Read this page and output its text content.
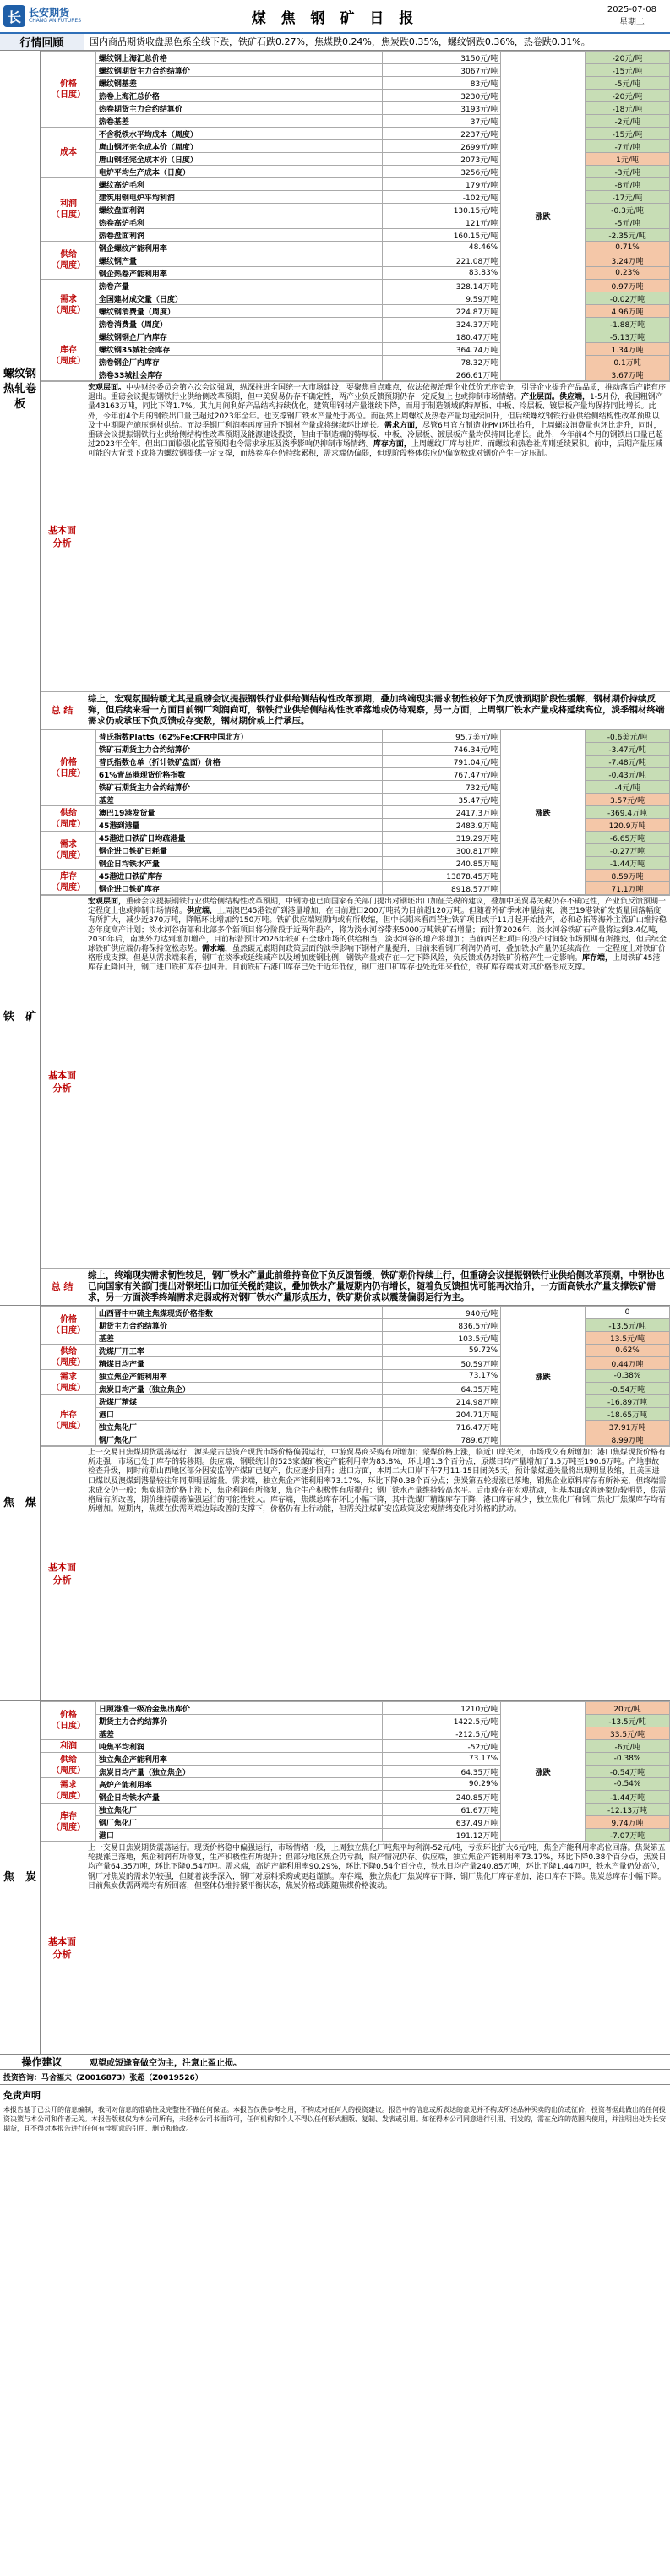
长 长安期货
CHANG AN FUTURES	煤 焦 钢 矿 日 报	2025-07-08
星期二
行情回顾	国内商品期货收盘黑色系全线下跌，铁矿石跌0.27%，焦煤跌0.24%，焦炭跌0.35%，螺纹钢跌0.36%，热卷跌0.31%。
螺纹钢
热轧卷板
价格
（日度）	螺纹钢上海汇总价格	3150元/吨	涨跌	-20元/吨
	螺纹钢期货主力合约结算价	3067元/吨		-15元/吨
	螺纹钢基差	83元/吨		-5元/吨
	热卷上海汇总价格	3230元/吨		-20元/吨
	热卷期货主力合约结算价	3193元/吨		-18元/吨
	热卷基差	37元/吨		-2元/吨
成本	不含税铁水平均成本（周度）	2237元/吨		-15元/吨
	唐山钢坯完全成本价（周度）	2699元/吨		-7元/吨
	唐山钢坯完全成本价（日度）	2073元/吨		1元/吨
	电炉平均生产成本（日度）	3256元/吨		-3元/吨
利润
（日度）	螺纹高炉毛利	179元/吨		-8元/吨
	建筑用钢电炉平均利润	-102元/吨		-17元/吨
	螺纹盘面利润	130.15元/吨		-0.3元/吨
	热卷高炉毛利	121元/吨		-5元/吨
	热卷盘面利润	160.15元/吨		-2.35元/吨
供给
（周度）	钢企螺纹产能利用率	48.46%		0.71%
	螺纹钢产量	221.08万吨		3.24万吨
	钢企热卷产能利用率	83.83%		0.23%
需求
（周度）	热卷产量	328.14万吨		0.97万吨
	全国建材成交量（日度）	9.59万吨		-0.02万吨
	螺纹钢消费量（周度）	224.87万吨		4.96万吨
	热卷消费量（周度）	324.37万吨		-1.88万吨
库存
（周度）	螺纹钢钢企厂内库存	180.47万吨		-5.13万吨
	螺纹钢35城社会库存	364.74万吨		1.34万吨
	热卷钢企厂内库存	78.32万吨		0.1万吨
	热卷33城社会库存	266.61万吨		3.67万吨
基本面
分析
宏观层面。中央财经委员会第六次会议强调，纵深推进全国统一大市场建设，要聚焦重点难点，依法依规治理企业低价无序竞争，引导企业提升产品品质，推动落后产能有序退出。重磅会议提振钢铁行业供给侧改革预期，但中美贸易仍存不确定性，两产业负反馈预期仍存一定反复上也或抑制市场情绪。产业层面。供应端，1-5月份，我国粗钢产量43163万吨，同比下降1.7%。其九月间利好产品结构持续优化，建筑用钢材产量继续下降，而用于制造领域的特厚板、中板、冷层板、镀层板产量均保持同比增长。此外，今年前4个月的钢铁出口量已超过2023年全年。也支撑钢厂铁水产量处于高位。而虽然上周螺纹及热卷产量均延续回升，但后续螺纹钢铁行业供给侧结构性改革预期以及十中期限产施压钢材供给。而淡季钢厂利润率再度回升下钢材产量或将继续环比增长。需求方面，尽管6月官方制造业PMI环比抬升，上周螺纹消费量也环比走升，同时，重磅会议提振钢铁行业供给侧结构性改革预期及能源建设投资，但由于制造端的特厚板、中板、冷层板、镀层板产量均保持同比增长。此外，今年前4个月的钢铁出口量已超过2023年全年。但出口面临强化监管预期也令需求承压及淡季影响仍抑制市场情绪。库存方面，上周螺纹厂库与社库、而螺纹和热卷社库则延续累积。前中，后期产量压减可能的大背景下或将为螺纹钢提供一定支撑，而热卷库存仍持续累积，需求端仍偏弱，但现阶段整体供应仍偏宽松或对钢价产生一定压制。
总 结
综上，宏观氛围转暖尤其是重磅会议提振钢铁行业供给侧结构性改革预期，叠加终端现实需求韧性较好下负反馈预期阶段性缓解，钢材期价持续反弹，但后续来看一方面目前钢厂利润尚可，钢铁行业供给侧结构性改革落地或仍待观察，另一方面，上周钢厂铁水产量或将延续高位，淡季钢材终端需求仍或承压下负反馈或存变数，钢材期价或上行承压。
铁　矿
价格
（日度）	普氏指数Platts（62%Fe:CFR中国北方）	95.7美元/吨	涨跌	-0.6美元/吨
	铁矿石期货主力合约结算价	746.34元/吨		-3.47元/吨
	普氏指数仓单（折计铁矿盘面）价格	791.04元/吨		-7.48元/吨
	61%青岛港现货价格指数	767.47元/吨		-0.43元/吨
	铁矿石期货主力合约结算价	732元/吨		-4元/吨
	基差	35.47元/吨		3.57元/吨
供给
（周度）	澳巴19港发货量	2417.3万吨		-369.4万吨
	45港到港量	2483.9万吨		120.9万吨
需求
（周度）	45港进口铁矿日均疏港量	319.29万吨		-6.65万吨
	钢企进口铁矿日耗量	300.81万吨		-0.27万吨
	钢企日均铁水产量	240.85万吨		-1.44万吨
库存
（周度）	45港进口铁矿库存	13878.45万吨		8.59万吨
	钢企进口铁矿库存	8918.57万吨		71.1万吨
基本面
分析
宏观层面，重磅会议提振钢铁行业供给侧结构性改革预期，中钢协也已向国家有关部门提出对钢坯出口加征关税的建议，叠加中美贸易关税仍存不确定性，产业负反馈预期一定程度上也或抑制市场情绪。供应端，上周澳巴45港铁矿到港量增加，在目前进口200万吨转为目前超120万吨。但随着外矿季末冲量结束，澳巴19港铁矿发货量回落幅度有所扩大，减少近370万吨，降幅环比增加约150万吨。铁矿供应端短期内或有所收缩，但中长期来看西芒杜铁矿项目或于11月起开始投产，必和必拓等海外主流矿山维持稳态年度高产计划；淡水河谷南部和北部多个新项目将分阶段于近两年投产，将为淡水河谷带来5000万吨铁矿石增量；而计算2026年，淡水河谷铁矿石产量将达到3.4亿吨，2030年后，南澳外力达到增加增产，目前标普预计2026年铁矿石全球市场的供给相当，淡水河谷的增产将增加；当前西芒杜项目的投产时间较市场预期有所推迟，但后续全球铁矿供应端仍将保持宽松态势。需求端，虽然碳元素期间政策层面的淡季影响下钢材产量提升，目前来看钢厂利润仍尚可，叠加铁水产量仍延续高位，一定程度上对铁矿价格形成支撑。但是从需求端来看，钢厂在淡季或延续减产以及增加废钢比例，钢铁产量或存在一定下降风险，负反馈或仍对铁矿价格产生一定影响。库存端，上周铁矿45港库存止降回升，钢厂进口铁矿库存也回升。目前铁矿石港口库存已处于近年低位，钢厂进口矿库存也处近年来低位，铁矿库存端或对其价格形成支撑。
总 结
综上，终端现实需求韧性较足，钢厂铁水产量此前维持高位下负反馈暂缓，铁矿期价持续上行，但重磅会议提振钢铁行业供给侧改革预期，中钢协也已向国家有关部门提出对钢坯出口加征关税的建议，叠加铁水产量短期内仍有增长，随着负反馈担忧可能再次抬升，一方面高铁水产量支撑铁矿需求，另一方面淡季终端需求走弱或将对钢厂铁水产量形成压力，铁矿期价或以震荡偏弱运行为主。
焦　煤
价格
（日度）	山西晋中中硫主焦煤现货价格指数	940元/吨	涨跌	0
	期货主力合约结算价	836.5元/吨		-13.5元/吨
	基差	103.5元/吨		13.5元/吨
供给
（周度）	洗煤厂开工率	59.72%		0.62%
	精煤日均产量	50.59万吨		0.44万吨
需求
（周度）	独立焦企产能利用率	73.17%		-0.38%
	焦炭日均产量（独立焦企）	64.35万吨		-0.54万吨
库存
（周度）	洗煤厂精煤	214.98万吨		-16.89万吨
	港口	204.71万吨		-18.65万吨
	独立焦化厂	716.47万吨		37.91万吨
	钢厂焦化厂	789.6万吨		8.99万吨
基本面
分析
上一交易日焦煤期货震荡运行，源头蒙古总资产现货市场价格偏弱运行，中游贸易商采购有所增加；蒙煤价格上涨，临近口岸关闭，市场成交有所增加；港口焦煤现货价格有所走强，市场已处于库存的转移期。供应端，钢联统计的523家煤矿核定产能利用率为83.8%，环比增1.3个百分点，原煤日均产量增加了1.5万吨至190.6万吨。产地事故检查升级，同时前期山西地区部分因安监停产煤矿已复产，供应逐步回升；进口方面，本周二大口岸下午7月11-15日闭关5天，预计蒙煤通关量将出现明显收缩，且美国进口煤以及澳煤到港量较往年同期明显缩量。需求端，独立焦企产能利用率73.17%，环比下降0.38个百分点；焦炭第五轮提涨已落地，钢焦企业原料库存有所补充，但终端需求成交仍一般；焦炭期货价格上涨下，焦企利润有所修复，焦企生产积极性有所提升；钢厂铁水产量维持较高水平。后市或存在宏观扰动，但基本面改善迹象仍较明显，供需格局有所改善，期价维持震荡偏强运行的可能性较大。库存端，焦煤总库存环比小幅下降，其中洗煤厂精煤库存下降，港口库存减少，独立焦化厂和钢厂焦化厂焦煤库存均有所增加。短期内，焦煤在供需两端边际改善的支撑下，价格仍有上行动能，但需关注煤矿安监政策及宏观情绪变化对价格的扰动。
焦　炭
价格
（日度）	日照港准一级冶金焦出库价	1210元/吨	涨跌	20元/吨
	期货主力合约结算价	1422.5元/吨		-13.5元/吨
	基差	-212.5元/吨		33.5元/吨
利润	吨焦平均利润	-52元/吨		-6元/吨
供给
（周度）	独立焦企产能利用率	73.17%		-0.38%
	焦炭日均产量（独立焦企）	64.35万吨		-0.54万吨
需求
（周度）	高炉产能利用率	90.29%		-0.54%
	钢企日均铁水产量	240.85万吨		-1.44万吨
库存
（周度）	独立焦化厂	61.67万吨		-12.13万吨
	钢厂焦化厂	637.49万吨		9.74万吨
	港口	191.12万吨		-7.07万吨
基本面
分析
上一交易日焦炭期货震荡运行。现货价格稳中偏强运行，市场情绪一般，上周独立焦化厂吨焦平均利润-52元/吨，亏损环比扩大6元/吨，焦企产能利用率高位回落。焦炭第五轮提涨已落地，焦企利润有所修复，生产积极性有所提升；但部分地区焦企仍亏损，限产情况仍存。供应端，独立焦企产能利用率73.17%，环比下降0.38个百分点，焦炭日均产量64.35万吨，环比下降0.54万吨。需求端，高炉产能利用率90.29%，环比下降0.54个百分点，铁水日均产量240.85万吨，环比下降1.44万吨，铁水产量仍处高位，钢厂对焦炭的需求仍较强，但随着淡季深入，钢厂对原料采购或更趋谨慎。库存端，独立焦化厂焦炭库存下降，钢厂焦化厂库存增加，港口库存下降。焦炭总库存小幅下降。目前焦炭供需两端均有所回落，但整体仍维持紧平衡状态，焦炭价格或跟随焦煤价格波动。
操作建议	观望或短逢高做空为主，注意止盈止损。
投资咨询：马舍福夫（Z0016873）张超（Z0019526）
免责声明
本报告基于已公开的信息编制，我司对信息的准确性及完整性不做任何保证。本报告仅供参考之用，不构成对任何人的投资建议。报告中的信息或所表达的意见并不构成所述品种买卖的出价或征价，投资者据此做出的任何投资决策与本公司和作者无关。本报告版权仅为本公司所有，未经本公司书面许可，任何机构和个人不得以任何形式翻版、复制、发表或引用。如征得本公司同意进行引用、刊发的，需在允许的范围内使用，并注明出处为长安期货，且不得对本报告进行任何有悖原意的引用、删节和修改。
